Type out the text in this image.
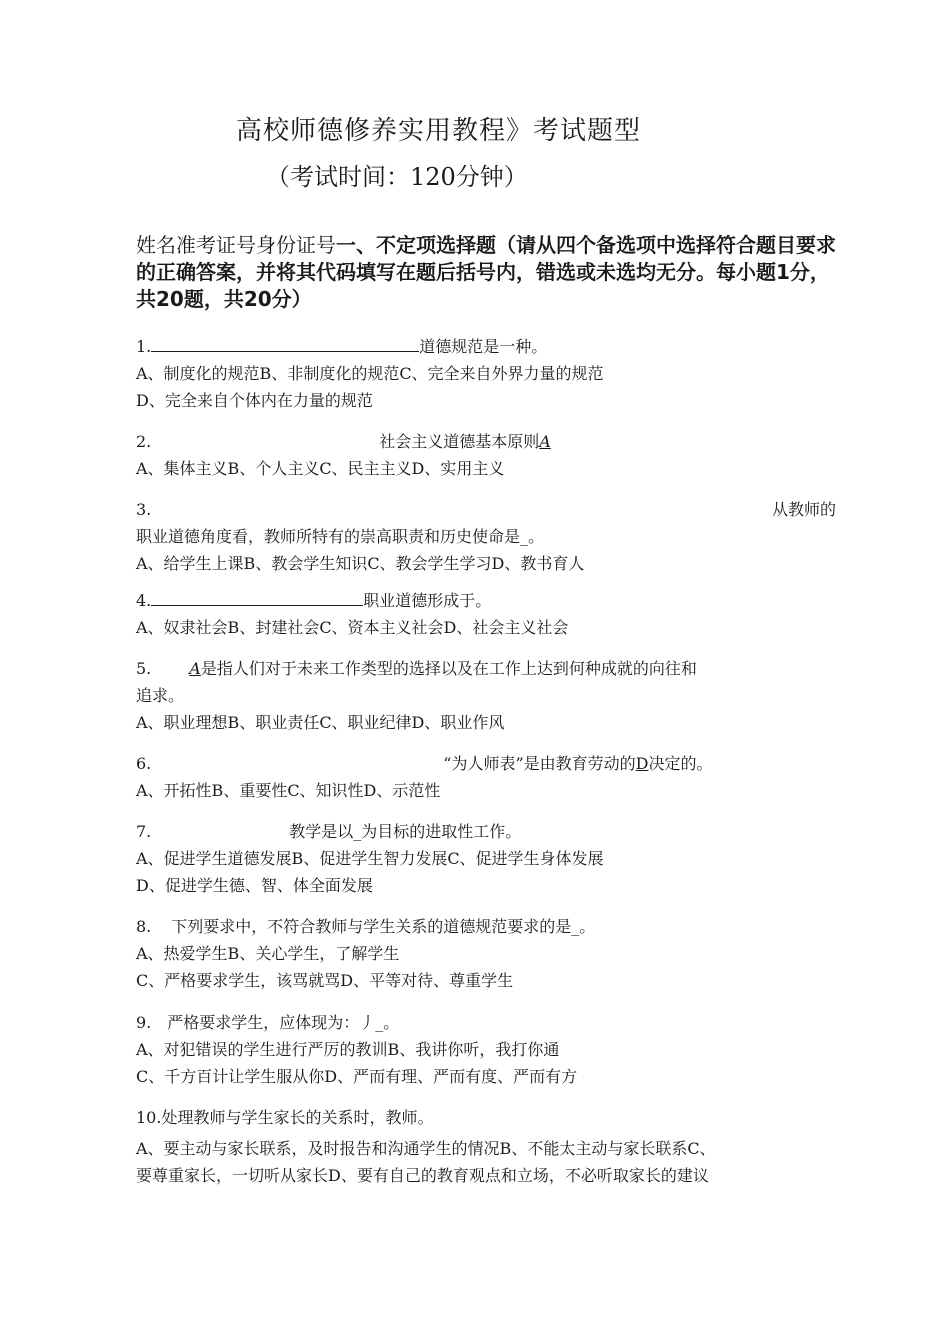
高校师德修养实用教程》考试题型
（考试时间：120分钟）
姓名准考证号身份证号一、不定项选择题（请从四个备选项中选择符合题目要求的正确答案，并将其代码填写在题后括号内，错选或未选均无分。每小题1分，共20题，共20分）
1.	道德规范是一种。
A、制度化的规范B、非制度化的规范C、完全来自外界力量的规范
D、完全来自个体内在力量的规范
2.	社会主义道德基本原则A
A、集体主义B、个人主义C、民主主义D、实用主义
3.	从教师的
职业道德角度看，教师所特有的崇高职责和历史使命是_。
A、给学生上课B、教会学生知识C、教会学生学习D、教书育人
4.	职业道德形成于。
A、奴隶社会B、封建社会C、资本主义社会D、社会主义社会
5. A是指人们对于未来工作类型的选择以及在工作上达到何种成就的向往和
追求。
A、职业理想B、职业责任C、职业纪律D、职业作风
6.	“为人师表”是由教育劳动的D决定的。
A、开拓性B、重要性C、知识性D、示范性
7.	教学是以_为目标的进取性工作。
A、促进学生道德发展B、促进学生智力发展C、促进学生身体发展
D、促进学生德、智、体全面发展
8. 下列要求中，不符合教师与学生关系的道德规范要求的是_。
A、热爱学生B、关心学生，了解学生
C、严格要求学生，该骂就骂D、平等对待、尊重学生
9. 严格要求学生，应体现为：丿_。
A、对犯错误的学生进行严厉的教训B、我讲你听，我打你通
C、千方百计让学生服从你D、严而有理、严而有度、严而有方
10.处理教师与学生家长的关系时，教师。
A、要主动与家长联系，及时报告和沟通学生的情况B、不能太主动与家长联系C、
要尊重家长，一切听从家长D、要有自己的教育观点和立场，不必听取家长的建议
